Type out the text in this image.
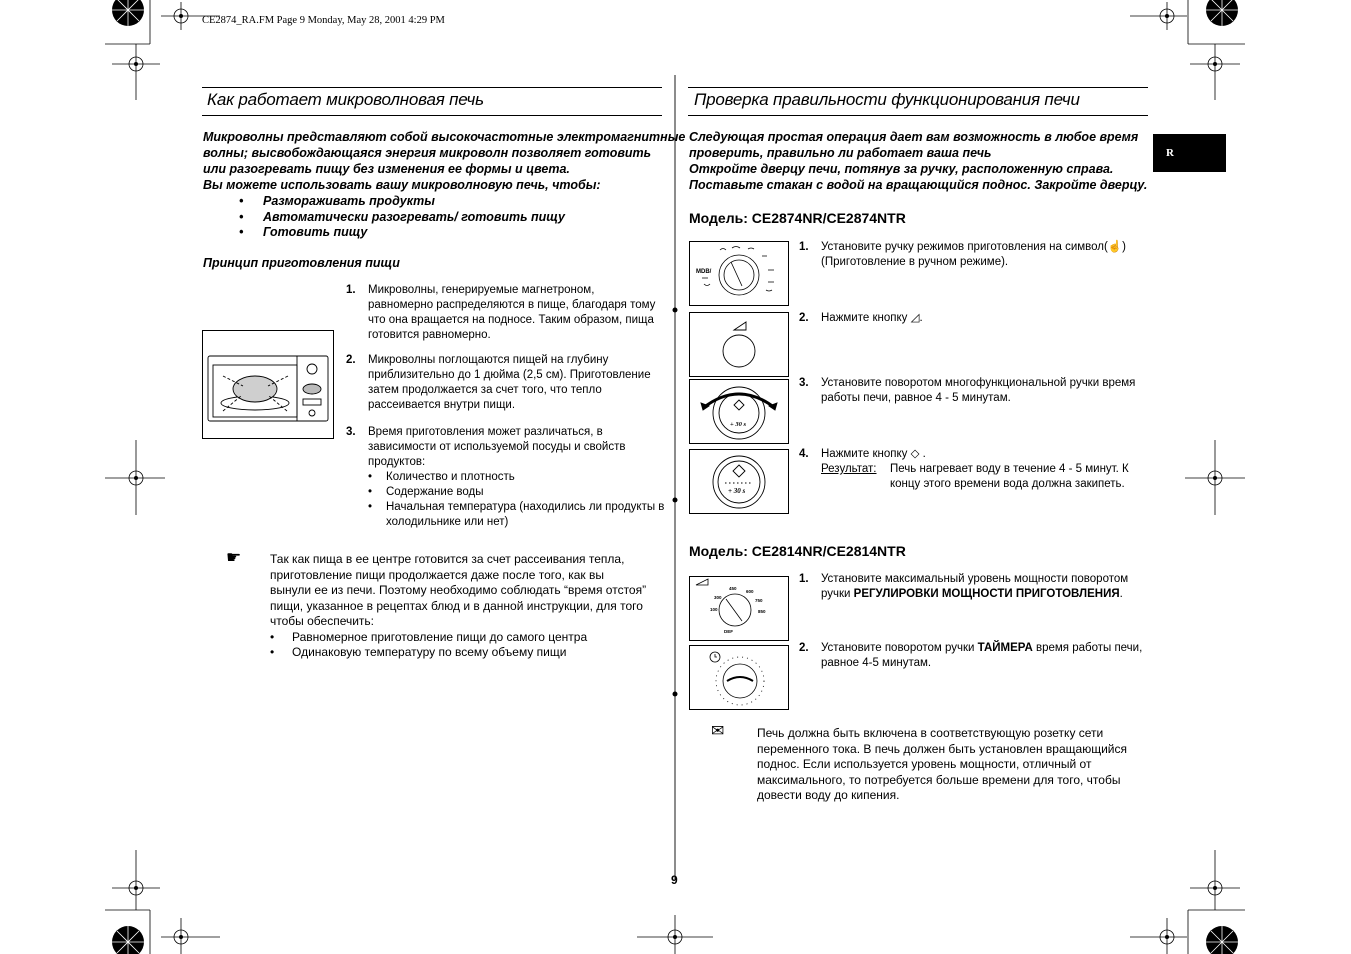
CE2874_RA.FM Page 9 Monday, May 28, 2001 4:29 PM
R
Как работает микроволновая печь
Микроволны представляют собой высокочастотные электромагнитные
волны; высвобождающаяся энергия микроволн позволяет готовить
или разогревать пищу без изменения ее формы и цвета.
Вы можете использовать вашу микроволновую печь, чтобы:
• Размораживать продукты
• Автоматически разогревать/ готовить пищу
• Готовить пищу
Принцип приготовления пищи
1. Микроволны, генерируемые магнетроном,
равномерно распределяются в пище, благодаря тому
что она вращается на подносе. Таким образом, пища
готовится равномерно.
2. Микроволны поглощаются пищей на глубину
приблизительно до 1 дюйма (2,5 см). Приготовление
затем продолжается за счет того, что тепло
рассеивается внутри пищи.
3. Время приготовления может различаться, в
зависимости от используемой посуды и свойств
продуктов:
• Количество и плотность
• Содержание воды
• Начальная температура (находились ли продукты в холодильнике или нет)
☛ Так как пища в ее центре готовится за счет рассеивания тепла,
приготовление пищи продолжается даже после того, как вы
вынули ее из печи. Поэтому необходимо соблюдать “время отстоя”
пищи, указанное в рецептах блюд и в данной инструкции, для того
чтобы обеспечить:
• Равномерное приготовление пищи до самого центра
• Одинаковую температуру по всему объему пищи
Проверка правильности функционирования печи
Следующая простая операция дает вам возможность в любое время
проверить, правильно ли работает ваша печь
Откройте дверцу печи, потянув за ручку, расположенную справа.
Поставьте стакан с водой на вращающийся поднос. Закройте дверцу.
Модель: CE2874NR/CE2874NTR
MDB/
+ 30 s
+ 30 s
1. Установите ручку режимов приготовления на символ(☝)
(Приготовление в ручном режиме).
2. Нажмите кнопку ◿.
3. Установите поворотом многофункциональной ручки время
работы печи, равное 4 - 5 минутам.
4. Нажмите кнопку ◇ .
Результат: Печь нагревает воду в течение 4 - 5 минут. К
концу этого времени вода должна закипеть.
Модель: CE2814NR/CE2814NTR
100
300
450
600
750
850
DEF
1. Установите максимальный уровень мощности поворотом
ручки РЕГУЛИРОВКИ МОЩНОСТИ ПРИГОТОВЛЕНИЯ.
2. Установите поворотом ручки ТАЙМЕРА время работы печи,
равное 4-5 минутам.
✉	Печь должна быть включена в соответствующую розетку сети
переменного тока. В печь должен быть установлен вращающийся
поднос. Если используется уровень мощности, отличный от
максимального, то потребуется больше времени для того, чтобы
довести воду до кипения.
9
